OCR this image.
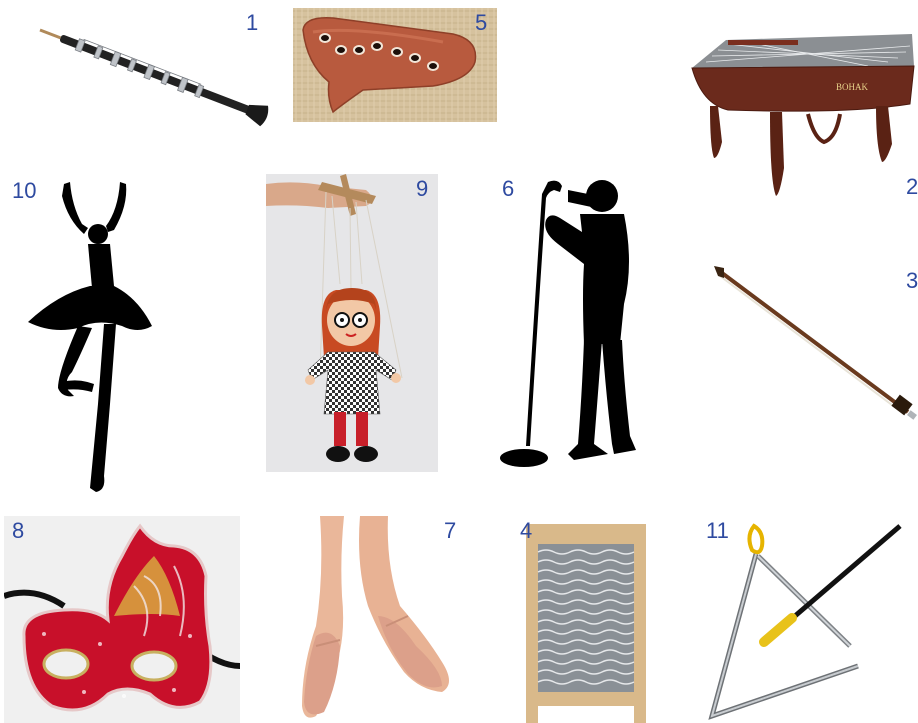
1	5
BOHAK
2
10	9	6
3
8	7	4	11
